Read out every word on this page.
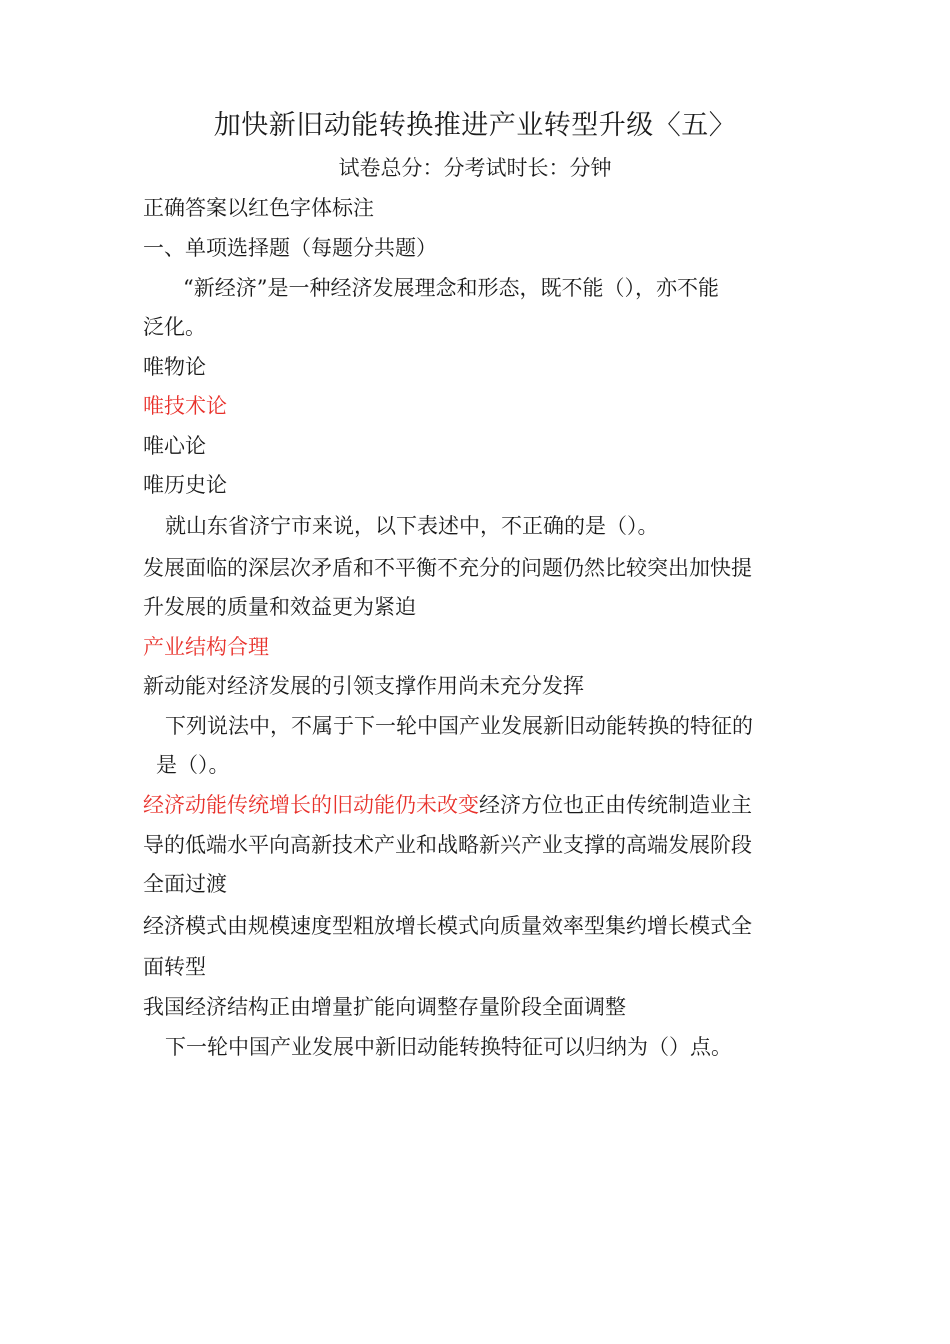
加快新旧动能转换推进产业转型升级〈五〉
试卷总分：分考试时长：分钟
正确答案以红色字体标注
一、单项选择题（每题分共题）
“新经济”是一种经济发展理念和形态，既不能（），亦不能
泛化。
唯物论
唯技术论
唯心论
唯历史论
就山东省济宁市来说，以下表述中，不正确的是（）。
发展面临的深层次矛盾和不平衡不充分的问题仍然比较突出加快提
升发展的质量和效益更为紧迫
产业结构合理
新动能对经济发展的引领支撑作用尚未充分发挥
下列说法中，不属于下一轮中国产业发展新旧动能转换的特征的
是（）。
经济动能传统增长的旧动能仍未改变经济方位也正由传统制造业主
导的低端水平向高新技术产业和战略新兴产业支撑的高端发展阶段
全面过渡
经济模式由规模速度型粗放增长模式向质量效率型集约增长模式全
面转型
我国经济结构正由增量扩能向调整存量阶段全面调整
下一轮中国产业发展中新旧动能转换特征可以归纳为（）点。
